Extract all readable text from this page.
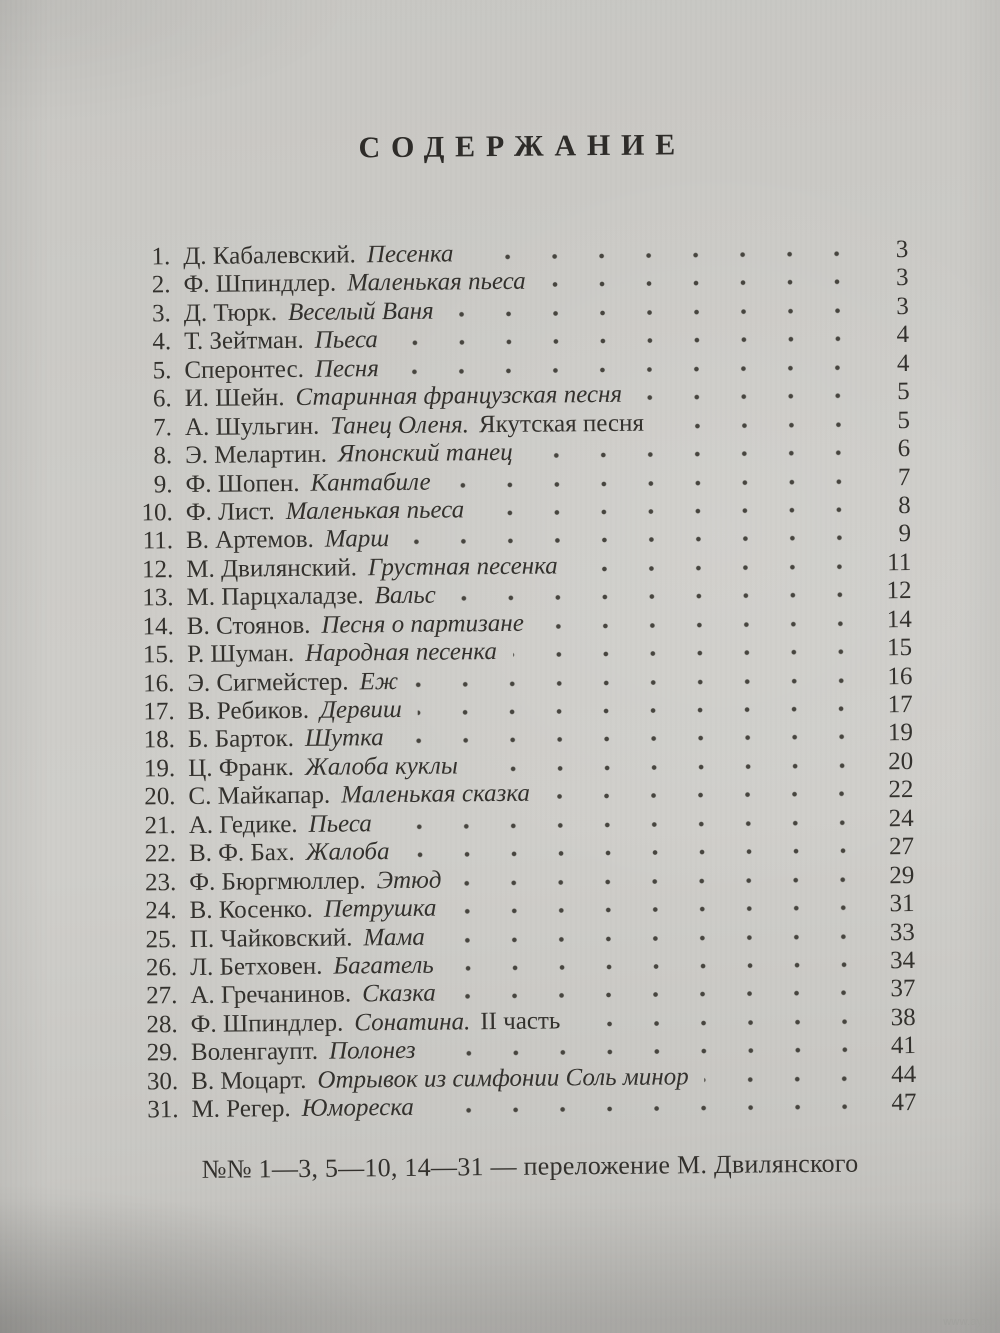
СОДЕРЖАНИЕ
1. Д. Кабалевский. Песенка	3
2. Ф. Шпиндлер. Маленькая пьеса	3
3. Д. Тюрк. Веселый Ваня	3
4. Т. Зейтман. Пьеса	4
5. Сперонтес. Песня	4
6. И. Шейн. Старинная французская песня	5
7. А. Шульгин. Танец Оленя. Якутская песня	5
8. Э. Мелартин. Японский танец	6
9. Ф. Шопен. Кантабиле	7
10. Ф. Лист. Маленькая пьеса	8
11. В. Артемов. Марш	9
12. М. Двилянский. Грустная песенка	11
13. М. Парцхаладзе. Вальс	12
14. В. Стоянов. Песня о партизане	14
15. Р. Шуман. Народная песенка	15
16. Э. Сигмейстер. Еж	16
17. В. Ребиков. Дервиш	17
18. Б. Барток. Шутка	19
19. Ц. Франк. Жалоба куклы	20
20. С. Майкапар. Маленькая сказка	22
21. А. Гедике. Пьеса	24
22. В. Ф. Бах. Жалоба	27
23. Ф. Бюргмюллер. Этюд	29
24. В. Косенко. Петрушка	31
25. П. Чайковский. Мама	33
26. Л. Бетховен. Багатель	34
27. А. Гречанинов. Сказка	37
28. Ф. Шпиндлер. Сонатина. II часть	38
29. Воленгаупт. Полонез	41
30. В. Моцарт. Отрывок из симфонии Соль минор	44
31. М. Регер. Юмореска	47
№№ 1—3, 5—10, 14—31 — переложение М. Двилянского
www.ay.by
